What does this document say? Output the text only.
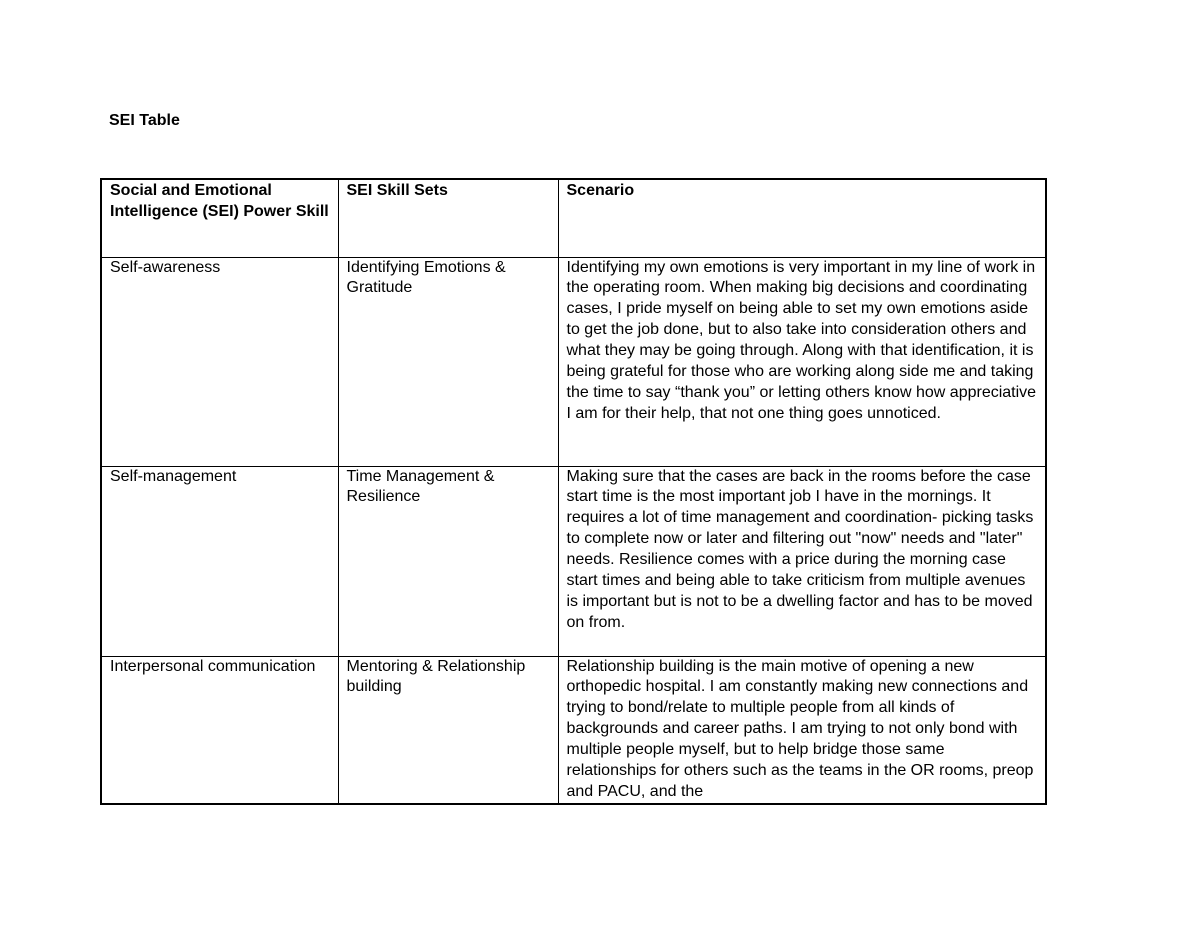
SEI Table
Social and Emotional Intelligence (SEI) Power Skill	SEI Skill Sets	Scenario
Self-awareness	Identifying Emotions & Gratitude	Identifying my own emotions is very important in my line of work in the operating room. When making big decisions and coordinating cases, I pride myself on being able to set my own emotions aside to get the job done, but to also take into consideration others and what they may be going through. Along with that identification, it is being grateful for those who are working along side me and taking the time to say “thank you” or letting others know how appreciative I am for their help, that not one thing goes unnoticed.
Self-management	Time Management & Resilience	Making sure that the cases are back in the rooms before the case start time is the most important job I have in the mornings. It requires a lot of time management and coordination- picking tasks to complete now or later and filtering out "now" needs and "later" needs. Resilience comes with a price during the morning case start times and being able to take criticism from multiple avenues is important but is not to be a dwelling factor and has to be moved on from.
Interpersonal communication	Mentoring & Relationship building	Relationship building is the main motive of opening a new orthopedic hospital. I am constantly making new connections and trying to bond/relate to multiple people from all kinds of backgrounds and career paths. I am trying to not only bond with multiple people myself, but to help bridge those same relationships for others such as the teams in the OR rooms, preop and PACU, and the
